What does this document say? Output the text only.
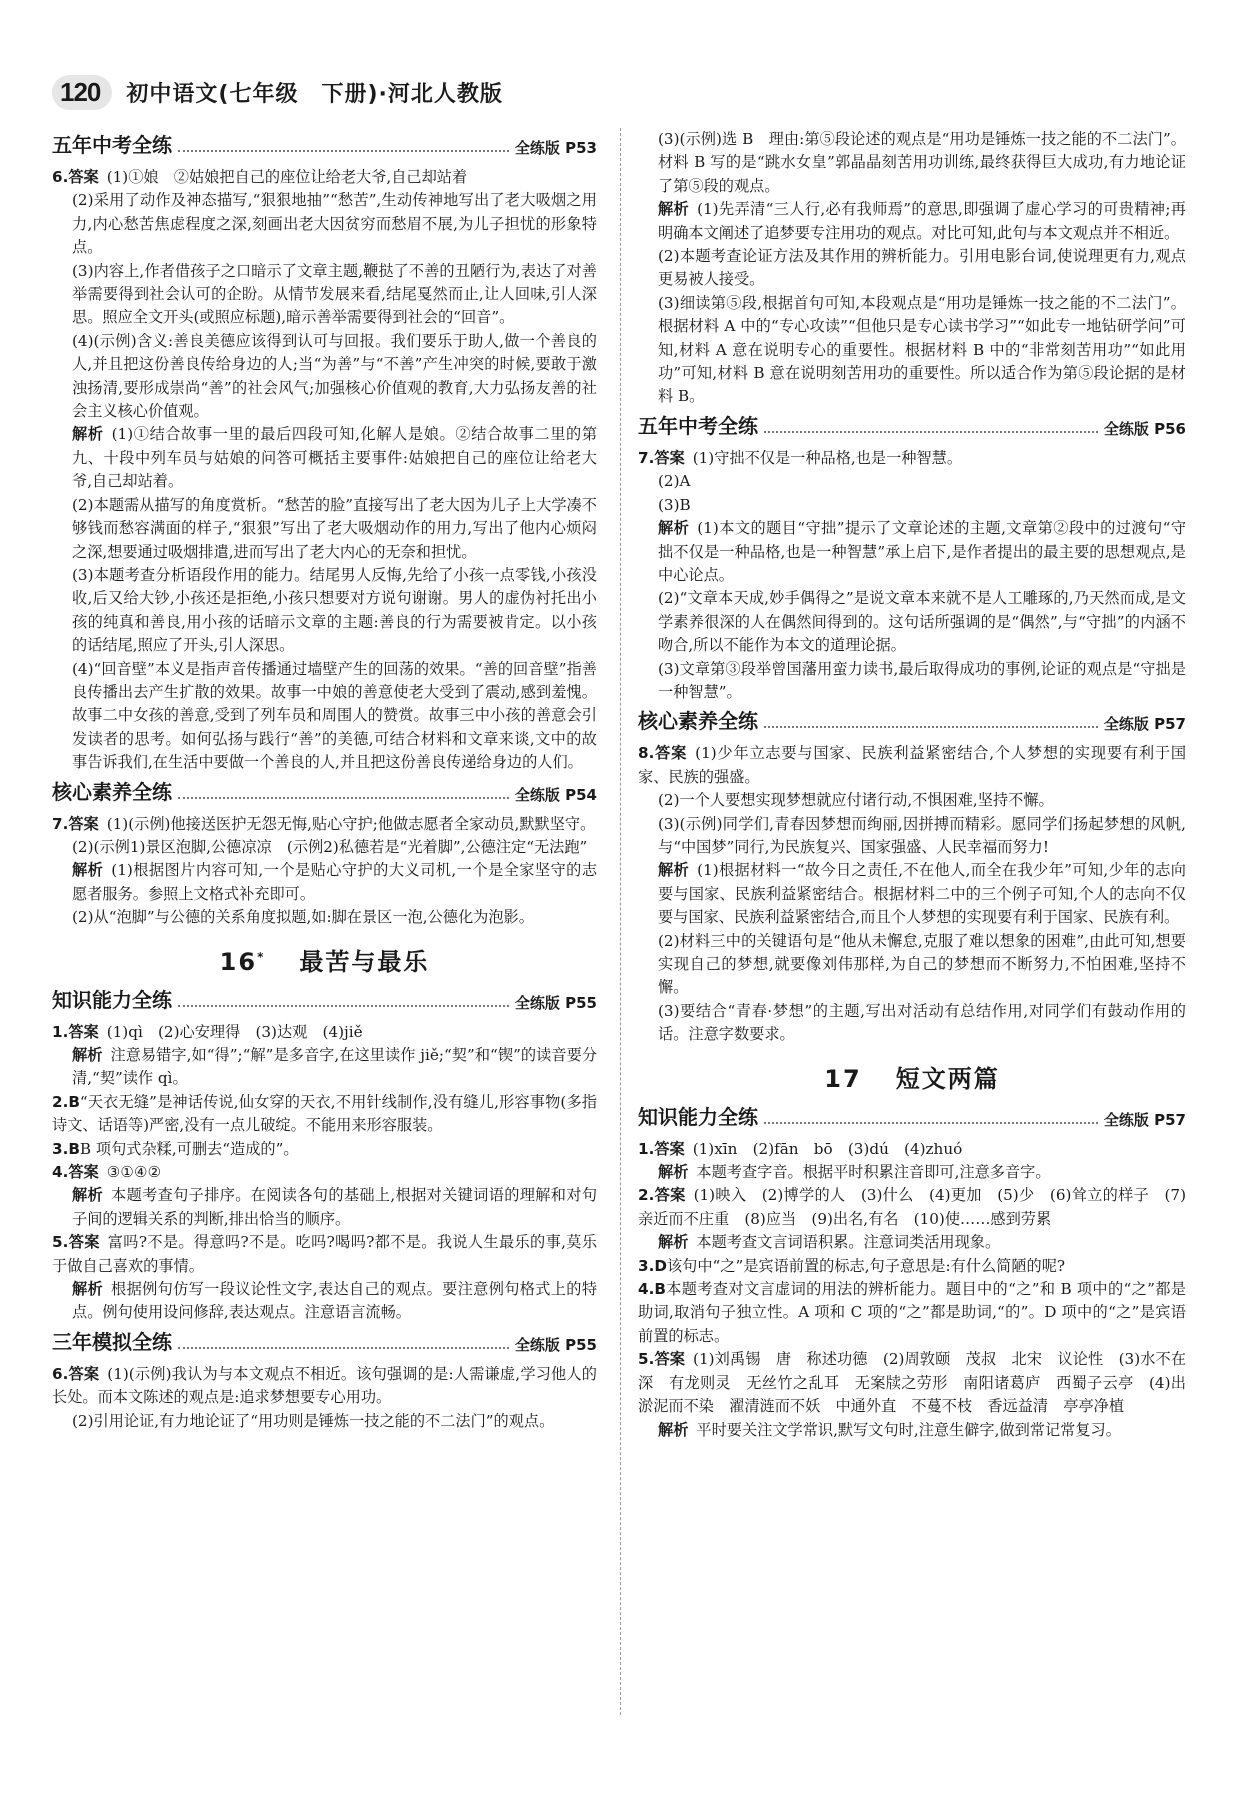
120	初中语文(七年级　下册)·河北人教版
五年中考全练	全练版 P53

6.答案 (1)①娘　②姑娘把自己的座位让给老大爷,自己却站着

(2)采用了动作及神态描写,“狠狠地抽”“愁苦”,生动传神地写出了老大吸烟之用力,内心愁苦焦虑程度之深,刻画出老大因贫穷而愁眉不展,为儿子担忧的形象特点。

(3)内容上,作者借孩子之口暗示了文章主题,鞭挞了不善的丑陋行为,表达了对善举需要得到社会认可的企盼。从情节发展来看,结尾戛然而止,让人回味,引人深思。照应全文开头(或照应标题),暗示善举需要得到社会的“回音”。

(4)(示例)含义:善良美德应该得到认可与回报。我们要乐于助人,做一个善良的人,并且把这份善良传给身边的人;当“为善”与“不善”产生冲突的时候,要敢于激浊扬清,要形成崇尚“善”的社会风气;加强核心价值观的教育,大力弘扬友善的社会主义核心价值观。

解析 (1)①结合故事一里的最后四段可知,化解人是娘。②结合故事二里的第九、十段中列车员与姑娘的问答可概括主要事件:姑娘把自己的座位让给老大爷,自己却站着。

(2)本题需从描写的角度赏析。“愁苦的脸”直接写出了老大因为儿子上大学凑不够钱而愁容满面的样子,“狠狠”写出了老大吸烟动作的用力,写出了他内心烦闷之深,想要通过吸烟排遣,进而写出了老大内心的无奈和担忧。

(3)本题考查分析语段作用的能力。结尾男人反悔,先给了小孩一点零钱,小孩没收,后又给大钞,小孩还是拒绝,小孩只想要对方说句谢谢。男人的虚伪衬托出小孩的纯真和善良,用小孩的话暗示文章的主题:善良的行为需要被肯定。以小孩的话结尾,照应了开头,引人深思。

(4)“回音壁”本义是指声音传播通过墙壁产生的回荡的效果。“善的回音壁”指善良传播出去产生扩散的效果。故事一中娘的善意使老大受到了震动,感到羞愧。故事二中女孩的善意,受到了列车员和周围人的赞赏。故事三中小孩的善意会引发读者的思考。如何弘扬与践行“善”的美德,可结合材料和文章来谈,文中的故事告诉我们,在生活中要做一个善良的人,并且把这份善良传递给身边的人们。

核心素养全练	全练版 P54

7.答案 (1)(示例)他接送医护无怨无悔,贴心守护;他做志愿者全家动员,默默坚守。

(2)(示例1)景区泡脚,公德凉凉　(示例2)私德若是“光着脚”,公德注定“无法跑”

解析 (1)根据图片内容可知,一个是贴心守护的大义司机,一个是全家坚守的志愿者服务。参照上文格式补充即可。

(2)从“泡脚”与公德的关系角度拟题,如:脚在景区一泡,公德化为泡影。

16* 最苦与最乐
知识能力全练	全练版 P55

1.答案 (1)qì　(2)心安理得　(3)达观　(4)jiě

解析 注意易错字,如“得”;“解”是多音字,在这里读作 jiě;“契”和“锲”的读音要分清,“契”读作 qì。

2.B“天衣无缝”是神话传说,仙女穿的天衣,不用针线制作,没有缝儿,形容事物(多指诗文、话语等)严密,没有一点儿破绽。不能用来形容服装。

3.BB 项句式杂糅,可删去“造成的”。

4.答案 ③①④②

解析 本题考查句子排序。在阅读各句的基础上,根据对关键词语的理解和对句子间的逻辑关系的判断,排出恰当的顺序。

5.答案 富吗?不是。得意吗?不是。吃吗?喝吗?都不是。我说人生最乐的事,莫乐于做自己喜欢的事情。

解析 根据例句仿写一段议论性文字,表达自己的观点。要注意例句格式上的特点。例句使用设问修辞,表达观点。注意语言流畅。

三年模拟全练	全练版 P55

6.答案 (1)(示例)我认为与本文观点不相近。该句强调的是:人需谦虚,学习他人的长处。而本文陈述的观点是:追求梦想要专心用功。

(2)引用论证,有力地论证了“用功则是锤炼一技之能的不二法门”的观点。

(3)(示例)选 B　理由:第⑤段论述的观点是“用功是锤炼一技之能的不二法门”。材料 B 写的是“跳水女皇”郭晶晶刻苦用功训练,最终获得巨大成功,有力地论证了第⑤段的观点。

解析 (1)先弄清“三人行,必有我师焉”的意思,即强调了虚心学习的可贵精神;再明确本文阐述了追梦要专注用功的观点。对比可知,此句与本文观点并不相近。

(2)本题考查论证方法及其作用的辨析能力。引用电影台词,使说理更有力,观点更易被人接受。

(3)细读第⑤段,根据首句可知,本段观点是“用功是锤炼一技之能的不二法门”。根据材料 A 中的“专心攻读”“但他只是专心读书学习”“如此专一地钻研学问”可知,材料 A 意在说明专心的重要性。根据材料 B 中的“非常刻苦用功”“如此用功”可知,材料 B 意在说明刻苦用功的重要性。所以适合作为第⑤段论据的是材料 B。

五年中考全练	全练版 P56

7.答案 (1)守拙不仅是一种品格,也是一种智慧。

(2)A

(3)B

解析 (1)本文的题目“守拙”提示了文章论述的主题,文章第②段中的过渡句“守拙不仅是一种品格,也是一种智慧”承上启下,是作者提出的最主要的思想观点,是中心论点。

(2)“文章本天成,妙手偶得之”是说文章本来就不是人工雕琢的,乃天然而成,是文学素养很深的人在偶然间得到的。这句话所强调的是“偶然”,与“守拙”的内涵不吻合,所以不能作为本文的道理论据。

(3)文章第③段举曾国藩用蛮力读书,最后取得成功的事例,论证的观点是“守拙是一种智慧”。

核心素养全练	全练版 P57

8.答案 (1)少年立志要与国家、民族利益紧密结合,个人梦想的实现要有利于国家、民族的强盛。

(2)一个人要想实现梦想就应付诸行动,不惧困难,坚持不懈。

(3)(示例)同学们,青春因梦想而绚丽,因拼搏而精彩。愿同学们扬起梦想的风帆,与“中国梦”同行,为民族复兴、国家强盛、人民幸福而努力!

解析 (1)根据材料一“故今日之责任,不在他人,而全在我少年”可知,少年的志向要与国家、民族利益紧密结合。根据材料二中的三个例子可知,个人的志向不仅要与国家、民族利益紧密结合,而且个人梦想的实现要有利于国家、民族有利。

(2)材料三中的关键语句是“他从未懈怠,克服了难以想象的困难”,由此可知,想要实现自己的梦想,就要像刘伟那样,为自己的梦想而不断努力,不怕困难,坚持不懈。

(3)要结合“青春·梦想”的主题,写出对活动有总结作用,对同学们有鼓动作用的话。注意字数要求。

17 短文两篇
知识能力全练	全练版 P57

1.答案 (1)xīn　(2)fān　bō　(3)dú　(4)zhuó

解析 本题考查字音。根据平时积累注音即可,注意多音字。

2.答案 (1)映入　(2)博学的人　(3)什么　(4)更加　(5)少　(6)耸立的样子　(7)亲近而不庄重　(8)应当　(9)出名,有名　(10)使……感到劳累

解析 本题考查文言词语积累。注意词类活用现象。

3.D该句中“之”是宾语前置的标志,句子意思是:有什么简陋的呢?

4.B本题考查对文言虚词的用法的辨析能力。题目中的“之”和 B 项中的“之”都是助词,取消句子独立性。A 项和 C 项的“之”都是助词,“的”。D 项中的“之”是宾语前置的标志。

5.答案 (1)刘禹锡　唐　称述功德　(2)周敦颐　茂叔　北宋　议论性　(3)水不在深　有龙则灵　无丝竹之乱耳　无案牍之劳形　南阳诸葛庐　西蜀子云亭　(4)出淤泥而不染　濯清涟而不妖　中通外直　不蔓不枝　香远益清　亭亭净植

解析 平时要关注文学常识,默写文句时,注意生僻字,做到常记常复习。
